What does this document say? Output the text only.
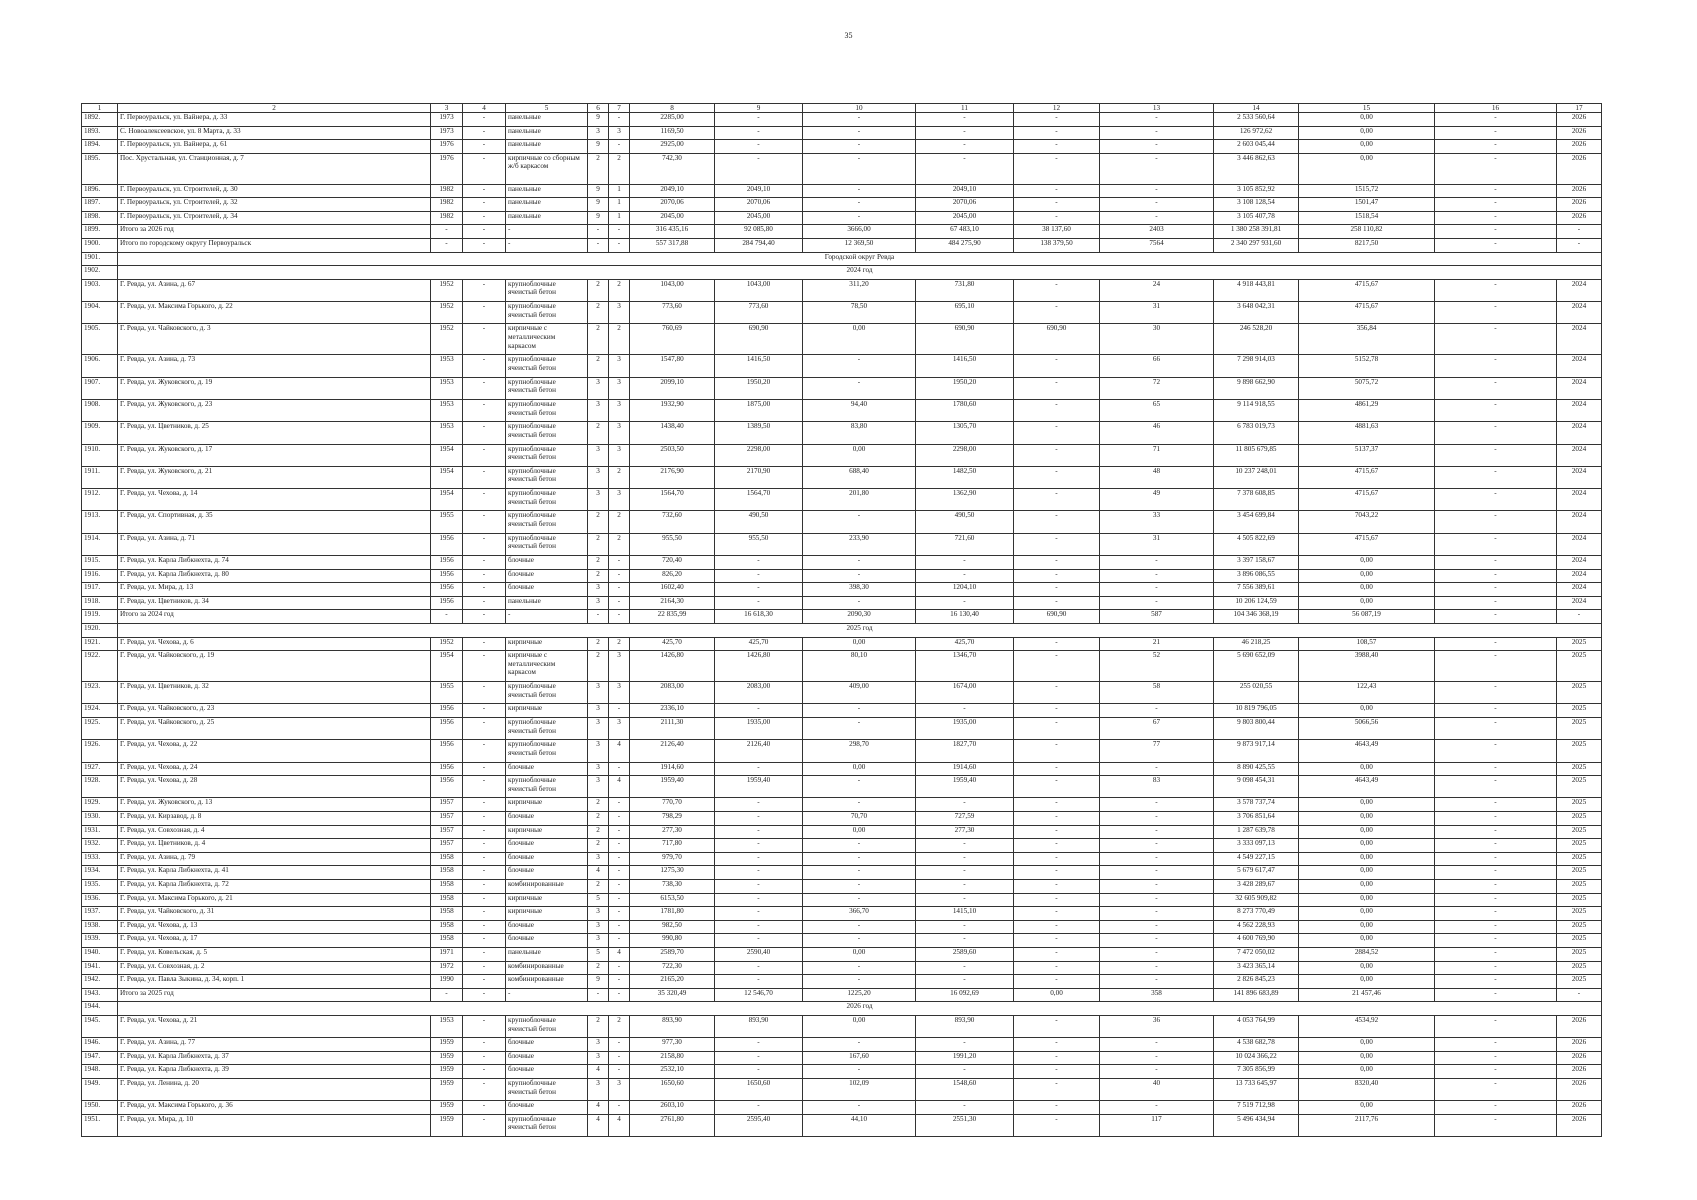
35
1	2	3	4	5	6	7	8	9	10	11	12	13	14	15	16	17
1892.	Г. Первоуральск, ул. Вайнера, д. 33	1973	-	панельные	9	-	2285,00	-	-	-	-	-	2 533 560,64	0,00	-	2026
1893.	С. Новоалексеевское, ул. 8 Марта, д. 33	1973	-	панельные	3	3	1169,50	-	-	-	-	-	126 972,62	0,00	-	2026
1894.	Г. Первоуральск, ул. Вайнера, д. 61	1976	-	панельные	9	-	2925,00	-	-	-	-	-	2 603 045,44	0,00	-	2026
1895.	Пос. Хрустальная, ул. Станционная, д. 7	1976	-	кирпичные со сборным ж/б каркасом	2	2	742,30	-	-	-	-	-	3 446 862,63	0,00	-	2026
1896.	Г. Первоуральск, ул. Строителей, д. 30	1982	-	панельные	9	1	2049,10	2049,10	-	2049,10	-	-	3 105 852,92	1515,72	-	2026
1897.	Г. Первоуральск, ул. Строителей, д. 32	1982	-	панельные	9	1	2070,06	2070,06	-	2070,06	-	-	3 108 128,54	1501,47	-	2026
1898.	Г. Первоуральск, ул. Строителей, д. 34	1982	-	панельные	9	1	2045,00	2045,00	-	2045,00	-	-	3 105 407,78	1518,54	-	2026
1899.	Итого за 2026 год	-	-	-	-	-	316 435,16	92 085,80	3666,00	67 483,10	38 137,60	2403	1 380 258 391,81	258 110,82	-	-
1900.	Итого по городскому округу Первоуральск	-	-	-	-	-	557 317,88	284 794,40	12 369,50	484 275,90	138 379,50	7564	2 340 297 931,60	8217,50	-	-
1901.	Городской округ Ревда															
1902.	2024 год															
1903.	Г. Ревда, ул. Азина, д. 67	1952	-	крупноблочные ячеистый бетон	2	2	1043,00	1043,00	311,20	731,80	-	24	4 918 443,81	4715,67	-	2024
1904.	Г. Ревда, ул. Максима Горького, д. 22	1952	-	крупноблочные ячеистый бетон	2	3	773,60	773,60	78,50	695,10	-	31	3 648 042,31	4715,67	-	2024
1905.	Г. Ревда, ул. Чайковского, д. 3	1952	-	кирпичные с металлическим каркасом	2	2	760,69	690,90	0,00	690,90	690,90	30	246 528,20	356,84	-	2024
1906.	Г. Ревда, ул. Азина, д. 73	1953	-	крупноблочные ячеистый бетон	2	3	1547,80	1416,50	-	1416,50	-	66	7 298 914,03	5152,78	-	2024
1907.	Г. Ревда, ул. Жуковского, д. 19	1953	-	крупноблочные ячеистый бетон	3	3	2099,10	1950,20	-	1950,20	-	72	9 898 662,90	5075,72	-	2024
1908.	Г. Ревда, ул. Жуковского, д. 23	1953	-	крупноблочные ячеистый бетон	3	3	1932,90	1875,00	94,40	1780,60	-	65	9 114 918,55	4861,29	-	2024
1909.	Г. Ревда, ул. Цветников, д. 25	1953	-	крупноблочные ячеистый бетон	2	3	1438,40	1389,50	83,80	1305,70	-	46	6 783 019,73	4881,63	-	2024
1910.	Г. Ревда, ул. Жуковского, д. 17	1954	-	крупноблочные ячеистый бетон	3	3	2503,50	2298,00	0,00	2298,00	-	71	11 805 679,85	5137,37	-	2024
1911.	Г. Ревда, ул. Жуковского, д. 21	1954	-	крупноблочные ячеистый бетон	3	2	2176,90	2170,90	688,40	1482,50	-	48	10 237 248,01	4715,67	-	2024
1912.	Г. Ревда, ул. Чехова, д. 14	1954	-	крупноблочные ячеистый бетон	3	3	1564,70	1564,70	201,80	1362,90	-	49	7 378 608,85	4715,67	-	2024
1913.	Г. Ревда, ул. Спортивная, д. 35	1955	-	крупноблочные ячеистый бетон	2	2	732,60	490,50	-	490,50	-	33	3 454 699,84	7043,22	-	2024
1914.	Г. Ревда, ул. Азина, д. 71	1956	-	крупноблочные ячеистый бетон	2	2	955,50	955,50	233,90	721,60	-	31	4 505 822,69	4715,67	-	2024
1915.	Г. Ревда, ул. Карла Либкнехта, д. 74	1956	-	блочные	2	-	720,40	-	-	-	-	-	3 397 158,67	0,00	-	2024
1916.	Г. Ревда, ул. Карла Либкнехта, д. 80	1956	-	блочные	2	-	826,20	-	-	-	-	-	3 896 086,55	0,00	-	2024
1917.	Г. Ревда, ул. Мира, д. 13	1956	-	блочные	3	-	1602,40	-	398,30	1204,10	-	-	7 556 389,61	0,00	-	2024
1918.	Г. Ревда, ул. Цветников, д. 34	1956	-	панельные	3	-	2164,30	-	-	-	-	-	10 206 124,59	0,00	-	2024
1919.	Итого за 2024 год	-	-	-	-	-	22 835,99	16 618,30	2090,30	16 130,40	690,90	587	104 346 368,19	56 087,19	-	-
1920.	2025 год															
1921.	Г. Ревда, ул. Чехова, д. 6	1952	-	кирпичные	2	2	425,70	425,70	0,00	425,70	-	21	46 218,25	108,57	-	2025
1922.	Г. Ревда, ул. Чайковского, д. 19	1954	-	кирпичные с металлическим каркасом	2	3	1426,80	1426,80	80,10	1346,70	-	52	5 690 652,09	3988,40	-	2025
1923.	Г. Ревда, ул. Цветников, д. 32	1955	-	крупноблочные ячеистый бетон	3	3	2083,00	2083,00	409,00	1674,00	-	58	255 020,55	122,43	-	2025
1924.	Г. Ревда, ул. Чайковского, д. 23	1956	-	кирпичные	3	-	2336,10	-	-	-	-	-	10 819 796,05	0,00	-	2025
1925.	Г. Ревда, ул. Чайковского, д. 25	1956	-	крупноблочные ячеистый бетон	3	3	2111,30	1935,00	-	1935,00	-	67	9 803 800,44	5066,56	-	2025
1926.	Г. Ревда, ул. Чехова, д. 22	1956	-	крупноблочные ячеистый бетон	3	4	2126,40	2126,40	298,70	1827,70	-	77	9 873 917,14	4643,49	-	2025
1927.	Г. Ревда, ул. Чехова, д. 24	1956	-	блочные	3	-	1914,60	-	0,00	1914,60	-	-	8 890 425,55	0,00	-	2025
1928.	Г. Ревда, ул. Чехова, д. 28	1956	-	крупноблочные ячеистый бетон	3	4	1959,40	1959,40	-	1959,40	-	83	9 098 454,31	4643,49	-	2025
1929.	Г. Ревда, ул. Жуковского, д. 13	1957	-	кирпичные	2	-	770,70	-	-	-	-	-	3 578 737,74	0,00	-	2025
1930.	Г. Ревда, ул. Кирзавод, д. 8	1957	-	блочные	2	-	798,29	-	70,70	727,59	-	-	3 706 851,64	0,00	-	2025
1931.	Г. Ревда, ул. Совхозная, д. 4	1957	-	кирпичные	2	-	277,30	-	0,00	277,30	-	-	1 287 639,78	0,00	-	2025
1932.	Г. Ревда, ул. Цветников, д. 4	1957	-	блочные	2	-	717,80	-	-	-	-	-	3 333 097,13	0,00	-	2025
1933.	Г. Ревда, ул. Азина, д. 79	1958	-	блочные	3	-	979,70	-	-	-	-	-	4 549 227,15	0,00	-	2025
1934.	Г. Ревда, ул. Карла Либкнехта, д. 41	1958	-	блочные	4	-	1275,30	-	-	-	-	-	5 679 617,47	0,00	-	2025
1935.	Г. Ревда, ул. Карла Либкнехта, д. 72	1958	-	комбинированные	2	-	738,30	-	-	-	-	-	3 428 289,67	0,00	-	2025
1936.	Г. Ревда, ул. Максима Горького, д. 21	1958	-	кирпичные	5	-	6153,50	-	-	-	-	-	32 605 909,82	0,00	-	2025
1937.	Г. Ревда, ул. Чайковского, д. 31	1958	-	кирпичные	3	-	1781,80	-	366,70	1415,10	-	-	8 273 770,49	0,00	-	2025
1938.	Г. Ревда, ул. Чехова, д. 13	1958	-	блочные	3	-	982,50	-	-	-	-	-	4 562 228,93	0,00	-	2025
1939.	Г. Ревда, ул. Чехова, д. 17	1958	-	блочные	3	-	990,80	-	-	-	-	-	4 600 769,90	0,00	-	2025
1940.	Г. Ревда, ул. Ковельская, д. 5	1971	-	панельные	5	4	2589,70	2590,40	0,00	2589,60	-	-	7 472 050,02	2884,52	-	2025
1941.	Г. Ревда, ул. Совхозная, д. 2	1972	-	комбинированные	2	-	722,30	-	-	-	-	-	3 423 365,14	0,00	-	2025
1942.	Г. Ревда, ул. Павла Зыкина, д. 34, корп. 1	1990	-	комбинированные	9	-	2165,20	-	-	-	-	-	2 826 845,23	0,00	-	2025
1943.	Итого за 2025 год	-	-	-	-	-	35 320,49	12 546,70	1225,20	16 092,69	0,00	358	141 896 683,89	21 457,46	-	-
1944.	2026 год															
1945.	Г. Ревда, ул. Чехова, д. 21	1953	-	крупноблочные ячеистый бетон	2	2	893,90	893,90	0,00	893,90	-	36	4 053 764,99	4534,92	-	2026
1946.	Г. Ревда, ул. Азина, д. 77	1959	-	блочные	3	-	977,30	-	-	-	-	-	4 538 682,78	0,00	-	2026
1947.	Г. Ревда, ул. Карла Либкнехта, д. 37	1959	-	блочные	3	-	2158,80	-	167,60	1991,20	-	-	10 024 366,22	0,00	-	2026
1948.	Г. Ревда, ул. Карла Либкнехта, д. 39	1959	-	блочные	4	-	2532,10	-	-	-	-	-	7 305 856,99	0,00	-	2026
1949.	Г. Ревда, ул. Ленина, д. 20	1959	-	крупноблочные ячеистый бетон	3	3	1650,60	1650,60	102,09	1548,60	-	40	13 733 645,97	8320,40	-	2026
1950.	Г. Ревда, ул. Максима Горького, д. 36	1959	-	блочные	4	-	2603,10	-	-	-	-	-	7 519 712,98	0,00	-	2026
1951.	Г. Ревда, ул. Мира, д. 10	1959	-	крупноблочные ячеистый бетон	4	4	2761,80	2595,40	44,10	2551,30	-	117	5 496 434,94	2117,76	-	2026
